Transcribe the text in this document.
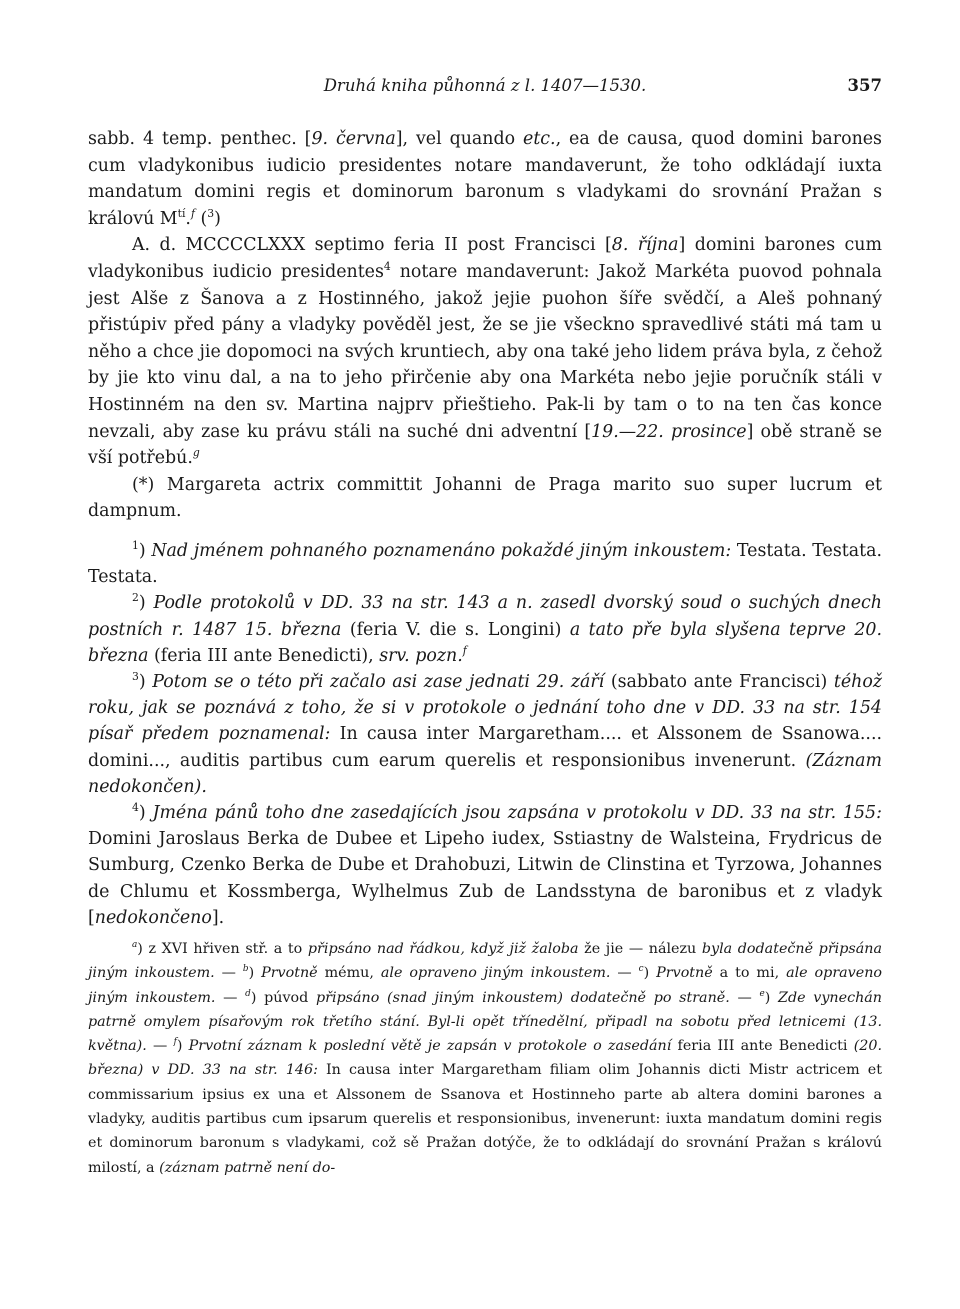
Druhá kniha půhonná z l. 1407—1530.	357

sabb. 4 temp. penthec. [9. června], vel quando etc., ea de causa, quod domini barones cum vladykonibus iudicio presidentes notare mandaverunt, že toho odkládají iuxta mandatum domini regis et dominorum baronum s vladykami do srovnání Pražan s královú $M^{tí}.^f$ ($^3$)

A. d. MCCCCLXXX septimo feria II post Francisci [8. října] domini barones cum vladykonibus iudicio presidentes$^4$ notare mandaverunt: Jakož Markéta puovod pohnala jest Alše z Šanova a z Hostinného, jakož jejie puohon šíře svědčí, a Aleš pohnaný přistúpiv před pány a vladyky pověděl jest, že se jie všeckno spravedlivé státi má tam u něho a chce jie dopomoci na svých kruntiech, aby ona také jeho lidem práva byla, z čehož by jie kto vinu dal, a na to jeho přirčenie aby ona Markéta nebo jejie poručník stáli v Hostinném na den sv. Martina najprv přieštieho. Pak-li by tam o to na ten čas konce nevzali, aby zase ku právu stáli na suché dni adventní [19.—22. prosince] obě straně se vší potřebú.$^g$

(*) Margareta actrix committit Johanni de Praga marito suo super lucrum et dampnum.

$^1$) Nad jménem pohnaného poznamenáno pokaždé jiným inkoustem: Testata. Testata. Testata.

$^2$) Podle protokolů v DD. 33 na str. 143 a n. zasedl dvorský soud o suchých dnech postních r. 1487 15. března (feria V. die s. Longini) a tato pře byla slyšena teprve 20. března (feria III ante Benedicti), srv. pozn.$^f$

$^3$) Potom se o této při začalo asi zase jednati 29. září (sabbato ante Francisci) téhož roku, jak se poznává z toho, že si v protokole o jednání toho dne v DD. 33 na str. 154 písař předem poznamenal: In causa inter Margaretham.... et Alssonem de Ssanowa.... domini..., auditis partibus cum earum querelis et responsionibus invenerunt. (Záznam nedokončen).

$^4$) Jména pánů toho dne zasedajících jsou zapsána v protokolu v DD. 33 na str. 155: Domini Jaroslaus Berka de Dubee et Lipeho iudex, Sstiastny de Walsteina, Frydricus de Sumburg, Czenko Berka de Dube et Drahobuzi, Litwin de Clinstina et Tyrzowa, Johannes de Chlumu et Kossmberga, Wylhelmus Zub de Landsstyna de baronibus et z vladyk [nedokončeno].

$^a$) z XVI hřiven stř. a to připsáno nad řádkou, když již žaloba že jie — nálezu byla dodatečně připsána jiným inkoustem. — $^b$) Prvotně mému, ale opraveno jiným inkoustem. — $^c$) Prvotně a to mi, ale opraveno jiným inkoustem. — $^d$) púvod připsáno (snad jiným inkoustem) dodatečně po straně. — $^e$) Zde vynechán patrně omylem písařovým rok třetího stání. Byl-li opět třínedělní, připadl na sobotu před letnicemi (13. května). — $^f$) Prvotní záznam k poslední větě je zapsán v protokole o zasedání feria III ante Benedicti (20. března) v DD. 33 na str. 146: In causa inter Margaretham filiam olim Johannis dicti Mistr actricem et commissarium ipsius ex una et Alssonem de Ssanova et Hostinneho parte ab altera domini barones a vladyky, auditis partibus cum ipsarum querelis et responsionibus, invenerunt: iuxta mandatum domini regis et dominorum baronum s vladykami, což sě Pražan dotýče, že to odkládají do srovnání Pražan s královú milostí, a (záznam patrně není do-
